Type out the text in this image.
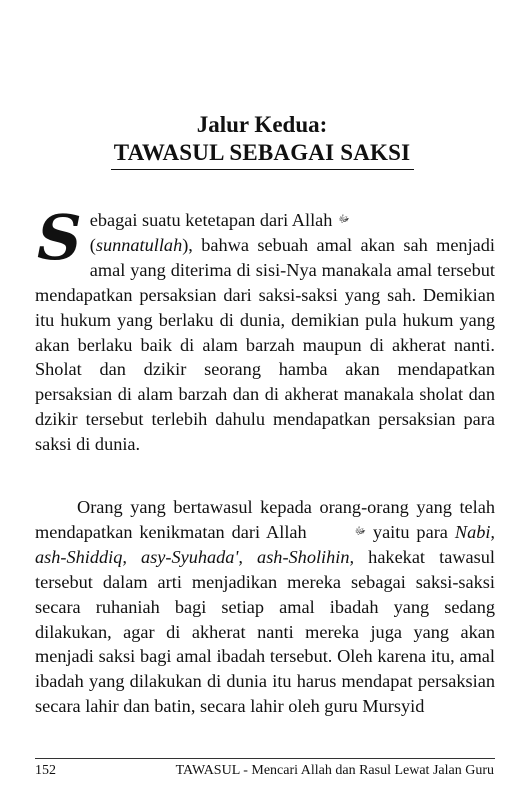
Jalur Kedua:
TAWASUL SEBAGAI SAKSI
Sebagai suatu ketetapan dari Allah ﷻ
(sunnatullah), bahwa sebuah amal akan sah menjadi amal yang diterima di sisi-Nya manakala amal tersebut mendapatkan persaksian dari saksi-saksi yang sah. Demikian itu hukum yang berlaku di dunia, demikian pula hukum yang akan berlaku baik di alam barzah maupun di akherat nanti. Sholat dan dzikir seorang hamba akan mendapatkan persaksian di alam barzah dan di akherat manakala sholat dan dzikir tersebut terlebih dahulu mendapatkan persaksian para saksi di dunia.
Orang yang bertawasul kepada orang-orang yang telah mendapatkan kenikmatan dari Allah	ﷻ yaitu para Nabi, ash-Shiddiq, asy-Syuhada', ash-Sholihin, hakekat tawasul tersebut dalam arti menjadikan mereka sebagai saksi-saksi secara ruhaniah bagi setiap amal ibadah yang sedang dilakukan, agar di akherat nanti mereka juga yang akan menjadi saksi bagi amal ibadah tersebut. Oleh karena itu, amal ibadah yang dilakukan di dunia itu harus mendapat persaksian secara lahir dan batin, secara lahir oleh guru Mursyid
152	TAWASUL - Mencari Allah dan Rasul Lewat Jalan Guru
